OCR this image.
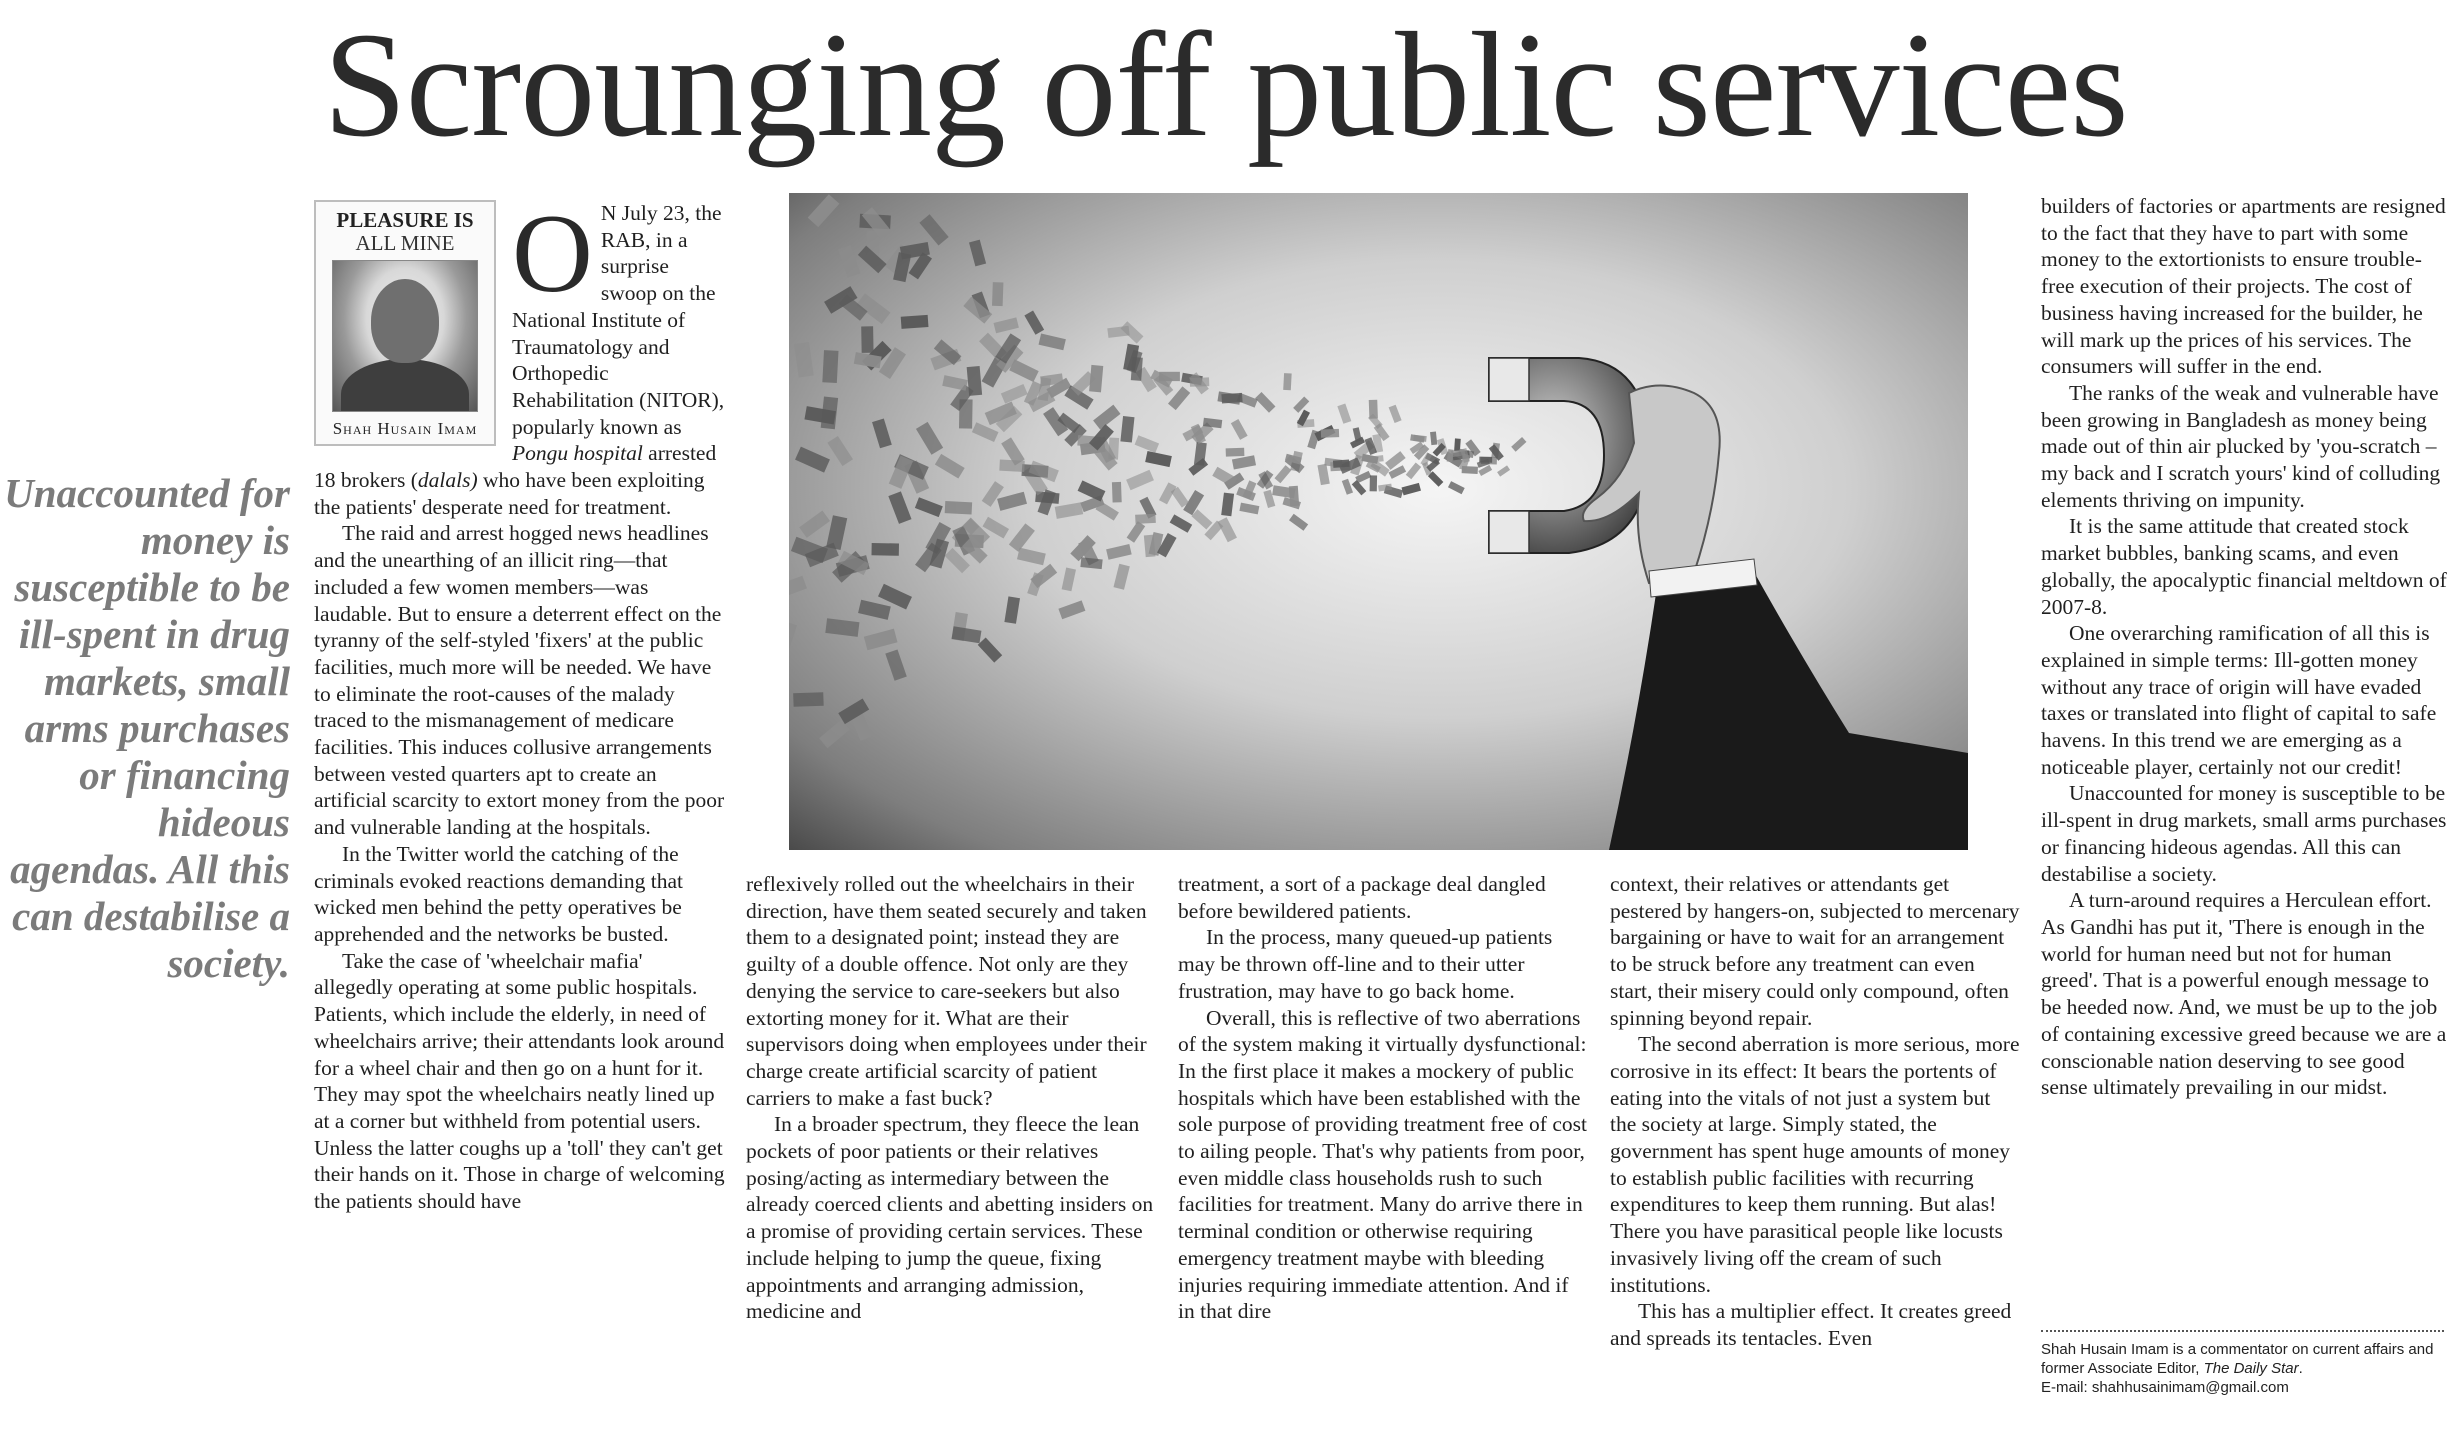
Scrounging off public services
Unaccounted for money is susceptible to be ill-spent in drug markets, small arms purchases or financing hideous agendas. All this can destabilise a society.
PLEASURE IS
ALL MINE
Shah Husain Imam
O N July 23, the RAB, in a surprise swoop on the National Institute of Traumatology and Orthopedic Rehabilitation (NITOR), popularly known as Pongu hospital arrested 18 brokers (dalals) who have been exploiting the patients' desperate need for treatment.

The raid and arrest hogged news headlines and the unearthing of an illicit ring—that included a few women members—was laudable. But to ensure a deterrent effect on the tyranny of the self-styled 'fixers' at the public facilities, much more will be needed. We have to eliminate the root-causes of the malady traced to the mismanagement of medicare facilities. This induces collusive arrangements between vested quarters apt to create an artificial scarcity to extort money from the poor and vulnerable landing at the hospitals.

In the Twitter world the catching of the criminals evoked reactions demanding that wicked men behind the petty operatives be apprehended and the networks be busted.

Take the case of 'wheelchair mafia' allegedly operating at some public hospitals. Patients, which include the elderly, in need of wheelchairs arrive; their attendants look around for a wheel chair and then go on a hunt for it. They may spot the wheelchairs neatly lined up at a corner but withheld from potential users. Unless the latter coughs up a 'toll' they can't get their hands on it. Those in charge of welcoming the patients should have

reflexively rolled out the wheelchairs in their direction, have them seated securely and taken them to a designated point; instead they are guilty of a double offence. Not only are they denying the service to care-seekers but also extorting money for it. What are their supervisors doing when employees under their charge create artificial scarcity of patient carriers to make a fast buck?

In a broader spectrum, they fleece the lean pockets of poor patients or their relatives posing/acting as intermediary between the already coerced clients and abetting insiders on a promise of providing certain services. These include helping to jump the queue, fixing appointments and arranging admission, medicine and

treatment, a sort of a package deal dangled before bewildered patients.

In the process, many queued-up patients may be thrown off-line and to their utter frustration, may have to go back home.

Overall, this is reflective of two aberrations of the system making it virtually dysfunctional: In the first place it makes a mockery of public hospitals which have been established with the sole purpose of providing treatment free of cost to ailing people. That's why patients from poor, even middle class households rush to such facilities for treatment. Many do arrive there in terminal condition or otherwise requiring emergency treatment maybe with bleeding injuries requiring immediate attention. And if in that dire

context, their relatives or attendants get pestered by hangers-on, subjected to mercenary bargaining or have to wait for an arrangement to be struck before any treatment can even start, their misery could only compound, often spinning beyond repair.

The second aberration is more serious, more corrosive in its effect: It bears the portents of eating into the vitals of not just a system but the society at large. Simply stated, the government has spent huge amounts of money to establish public facilities with recurring expenditures to keep them running. But alas! There you have parasitical people like locusts invasively living off the cream of such institutions.

This has a multiplier effect. It creates greed and spreads its tentacles. Even

builders of factories or apartments are resigned to the fact that they have to part with some money to the extortionists to ensure trouble-free execution of their projects. The cost of business having increased for the builder, he will mark up the prices of his services. The consumers will suffer in the end.

The ranks of the weak and vulnerable have been growing in Bangladesh as money being made out of thin air plucked by 'you-scratch –my back and I scratch yours' kind of colluding elements thriving on impunity.

It is the same attitude that created stock market bubbles, banking scams, and even globally, the apocalyptic financial meltdown of 2007-8.

One overarching ramification of all this is explained in simple terms: Ill-gotten money without any trace of origin will have evaded taxes or translated into flight of capital to safe havens. In this trend we are emerging as a noticeable player, certainly not our credit!

Unaccounted for money is susceptible to be ill-spent in drug markets, small arms purchases or financing hideous agendas. All this can destabilise a society.

A turn-around requires a Herculean effort. As Gandhi has put it, 'There is enough in the world for human need but not for human greed'. That is a powerful enough message to be heeded now. And, we must be up to the job of containing excessive greed because we are a conscionable nation deserving to see good sense ultimately prevailing in our midst.

Shah Husain Imam is a commentator on current affairs and former Associate Editor, The Daily Star.
E-mail: shahhusainimam@gmail.com
